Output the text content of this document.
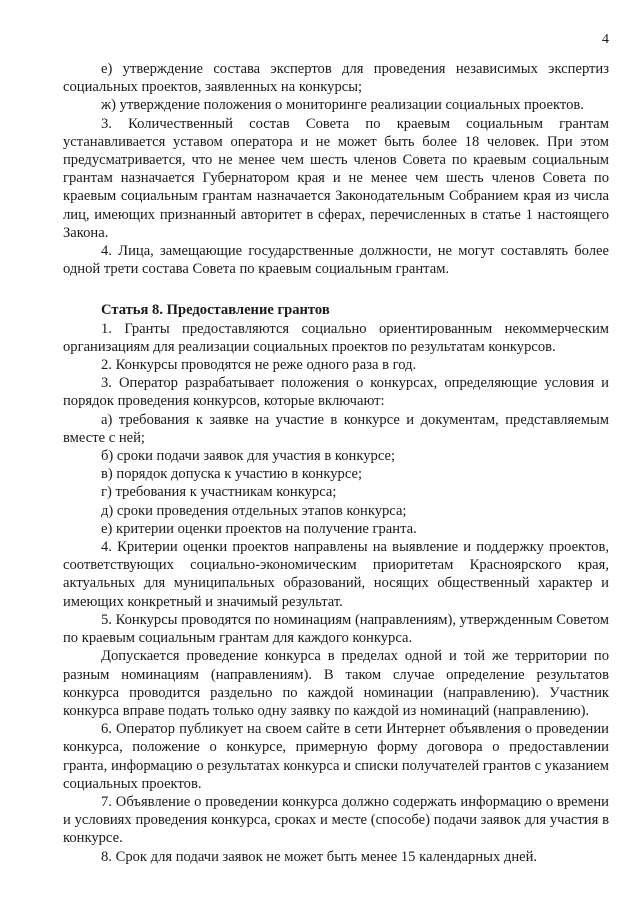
4

е) утверждение состава экспертов для проведения независимых экспертиз социальных проектов, заявленных на конкурсы;

ж) утверждение положения о мониторинге реализации социальных проектов.

3. Количественный состав Совета по краевым социальным грантам устанавливается уставом оператора и не может быть более 18 человек. При этом предусматривается, что не менее чем шесть членов Совета по краевым социальным грантам назначается Губернатором края и не менее чем шесть членов Совета по краевым социальным грантам назначается Законодательным Собранием края из числа лиц, имеющих признанный авторитет в сферах, перечисленных в статье 1 настоящего Закона.

4. Лица, замещающие государственные должности, не могут составлять более одной трети состава Совета по краевым социальным грантам.

Статья 8. Предоставление грантов

1. Гранты предоставляются социально ориентированным некоммерческим организациям для реализации социальных проектов по результатам конкурсов.

2. Конкурсы проводятся не реже одного раза в год.

3. Оператор разрабатывает положения о конкурсах, определяющие условия и порядок проведения конкурсов, которые включают:

а) требования к заявке на участие в конкурсе и документам, представляемым вместе с ней;

б) сроки подачи заявок для участия в конкурсе;

в) порядок допуска к участию в конкурсе;

г) требования к участникам конкурса;

д) сроки проведения отдельных этапов конкурса;

е) критерии оценки проектов на получение гранта.

4. Критерии оценки проектов направлены на выявление и поддержку проектов, соответствующих социально-экономическим приоритетам Красноярского края, актуальных для муниципальных образований, носящих общественный характер и имеющих конкретный и значимый результат.

5. Конкурсы проводятся по номинациям (направлениям), утвержденным Советом по краевым социальным грантам для каждого конкурса.

Допускается проведение конкурса в пределах одной и той же территории по разным номинациям (направлениям). В таком случае определение результатов конкурса проводится раздельно по каждой номинации (направлению). Участник конкурса вправе подать только одну заявку по каждой из номинаций (направлению).

6. Оператор публикует на своем сайте в сети Интернет объявления о проведении конкурса, положение о конкурсе, примерную форму договора о предоставлении гранта, информацию о результатах конкурса и списки получателей грантов с указанием социальных проектов.

7. Объявление о проведении конкурса должно содержать информацию о времени и условиях проведения конкурса, сроках и месте (способе) подачи заявок для участия в конкурсе.

8. Срок для подачи заявок не может быть менее 15 календарных дней.
